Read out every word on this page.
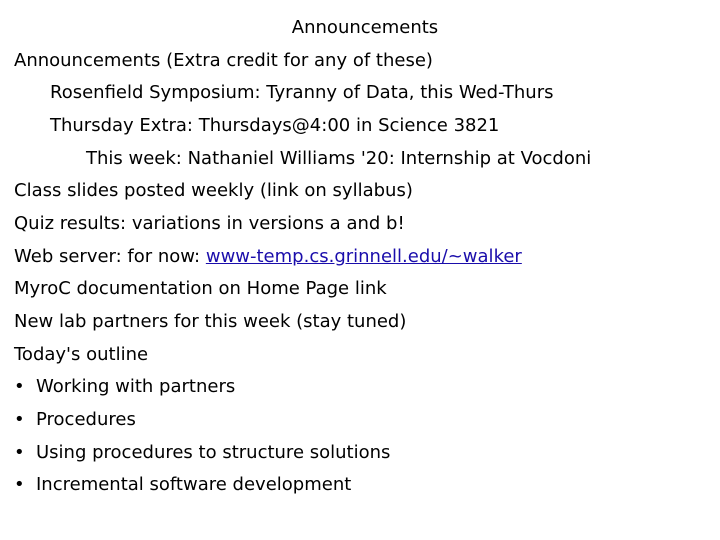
Announcements
Announcements (Extra credit for any of these)
Rosenfield Symposium: Tyranny of Data, this Wed-Thurs
Thursday Extra: Thursdays@4:00 in Science 3821
This week: Nathaniel Williams '20: Internship at Vocdoni
Class slides posted weekly (link on syllabus)
Quiz results: variations in versions a and b!
Web server: for now: www-temp.cs.grinnell.edu/~walker
MyroC documentation on Home Page link
New lab partners for this week (stay tuned)
Today's outline
• Working with partners
• Procedures
• Using procedures to structure solutions
• Incremental software development
